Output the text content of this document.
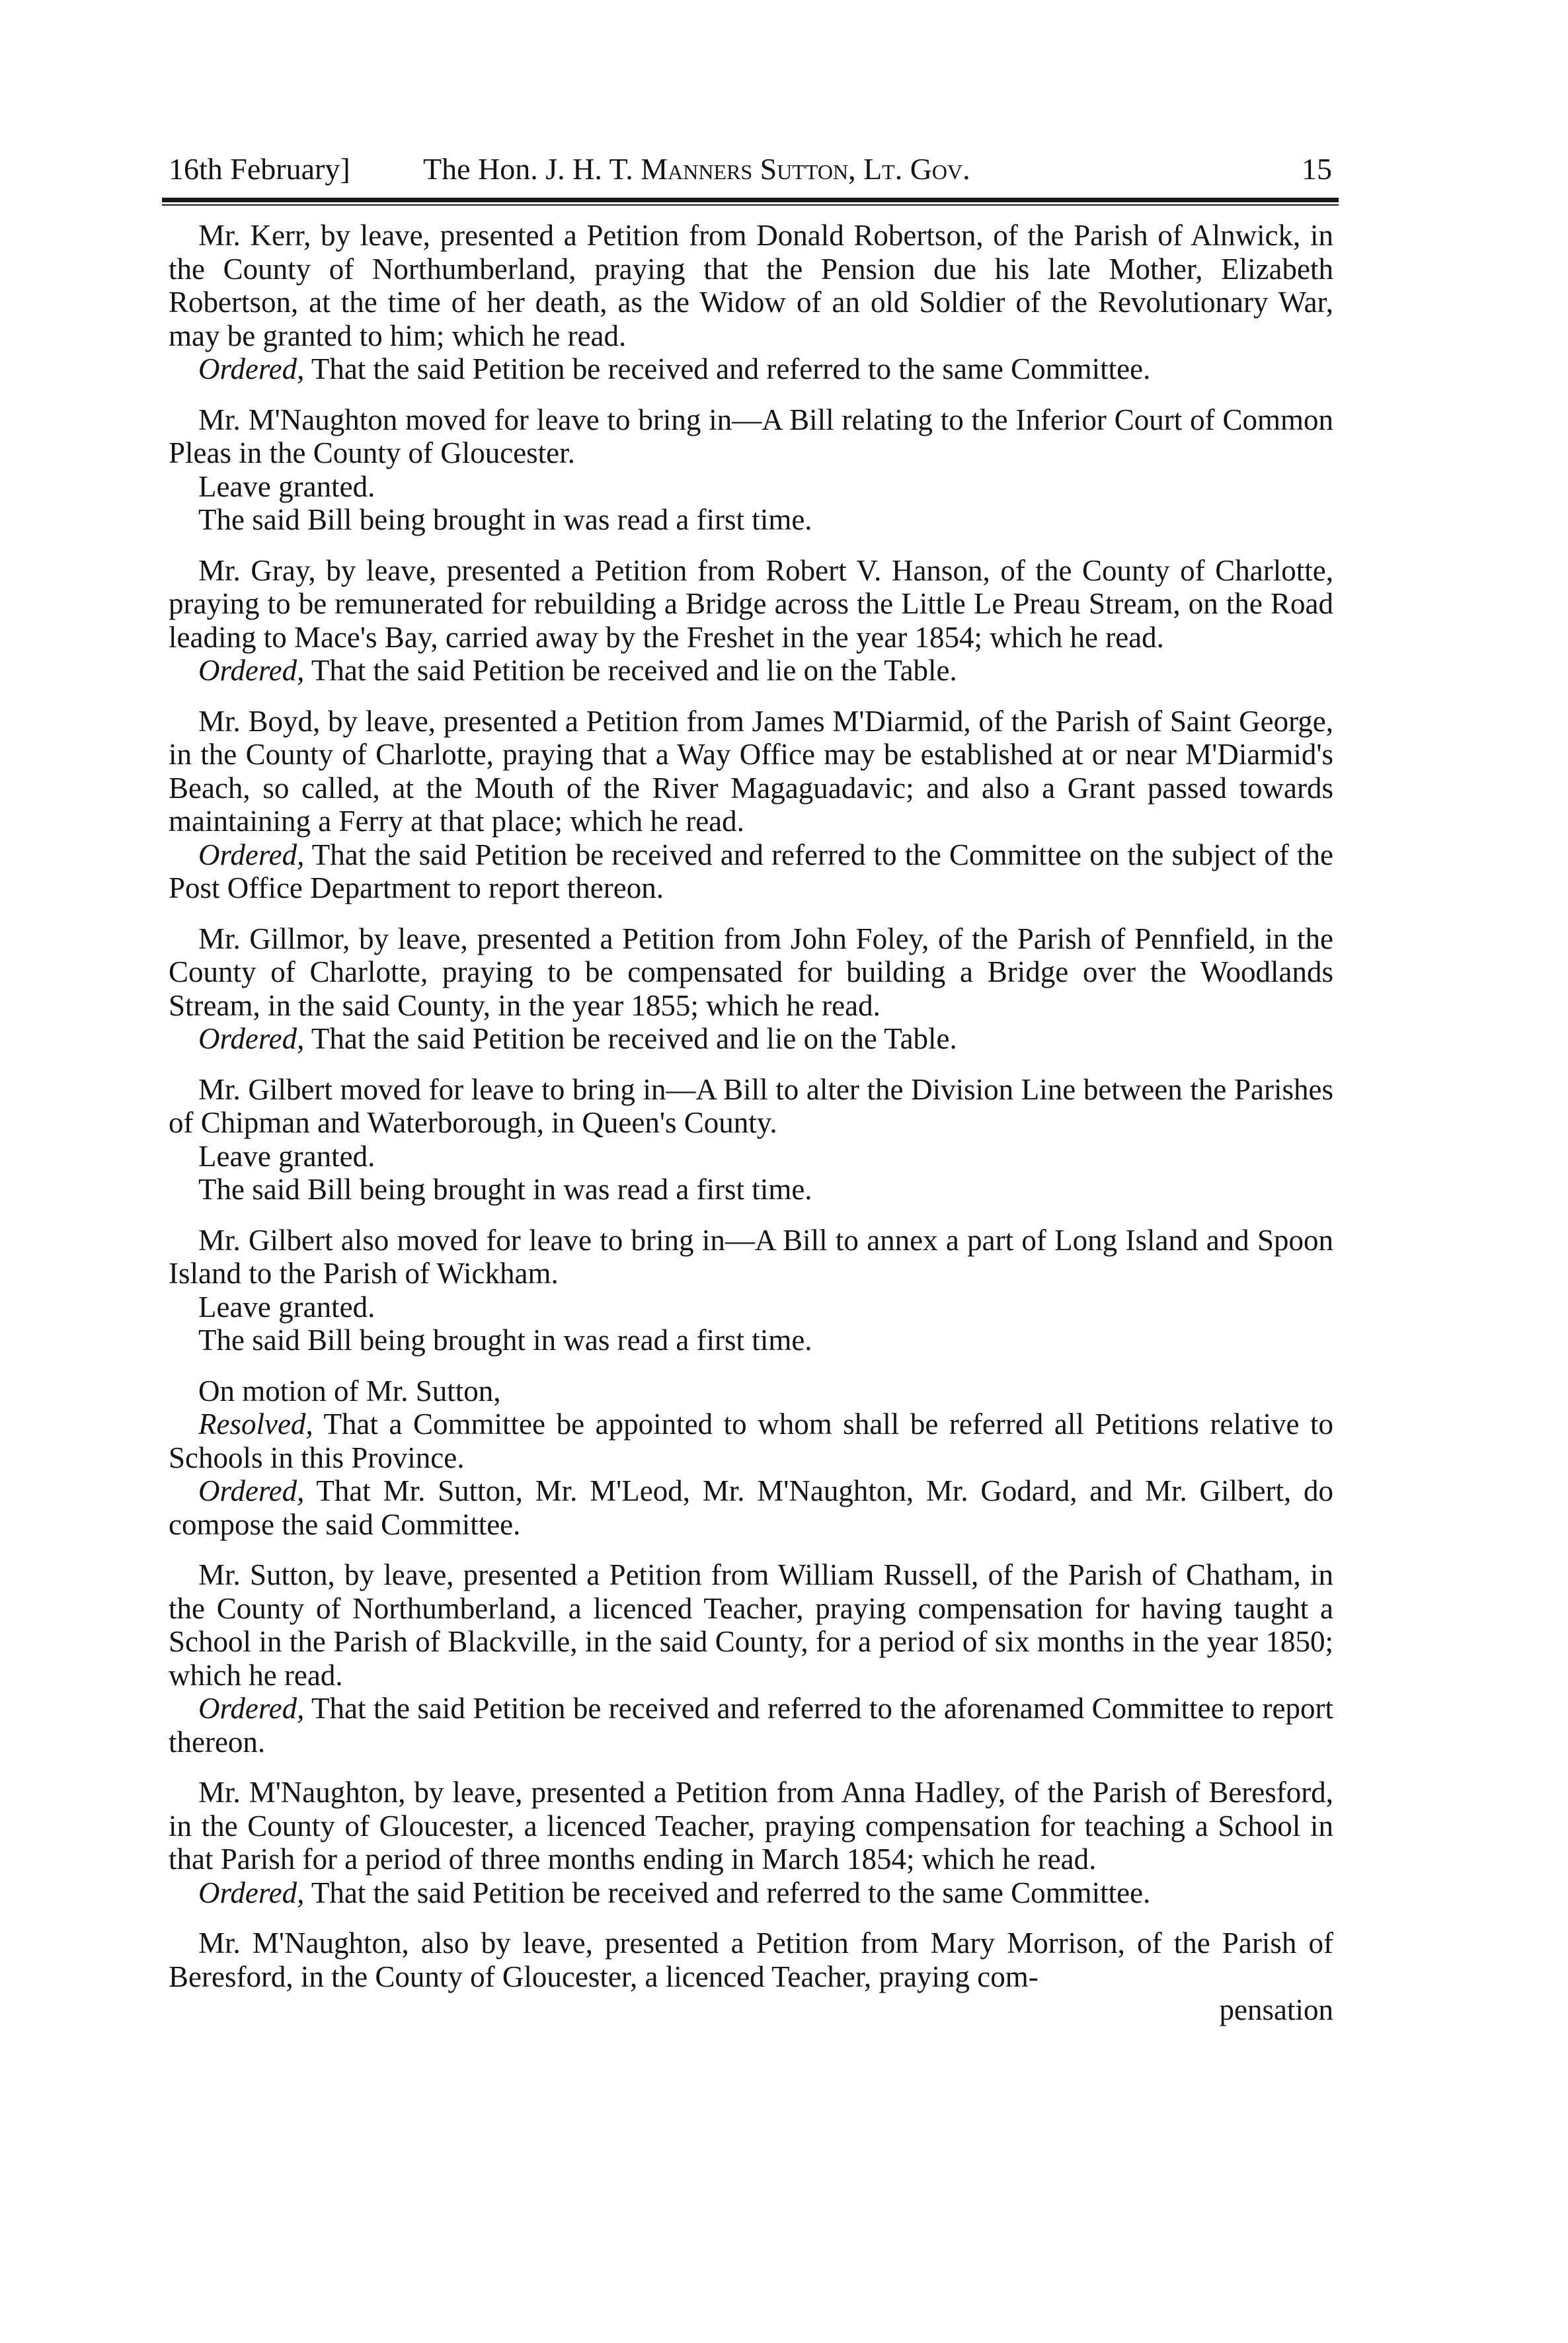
16th February] The Hon. J. H. T. Manners Sutton, Lt. Gov.	15

Mr. Kerr, by leave, presented a Petition from Donald Robertson, of the Parish of Alnwick, in the County of Northumberland, praying that the Pension due his late Mother, Elizabeth Robertson, at the time of her death, as the Widow of an old Soldier of the Revolutionary War, may be granted to him; which he read.

Ordered, That the said Petition be received and referred to the same Committee.

Mr. M'Naughton moved for leave to bring in—A Bill relating to the Inferior Court of Common Pleas in the County of Gloucester.

Leave granted.

The said Bill being brought in was read a first time.

Mr. Gray, by leave, presented a Petition from Robert V. Hanson, of the County of Charlotte, praying to be remunerated for rebuilding a Bridge across the Little Le Preau Stream, on the Road leading to Mace's Bay, carried away by the Freshet in the year 1854; which he read.

Ordered, That the said Petition be received and lie on the Table.

Mr. Boyd, by leave, presented a Petition from James M'Diarmid, of the Parish of Saint George, in the County of Charlotte, praying that a Way Office may be established at or near M'Diarmid's Beach, so called, at the Mouth of the River Magaguadavic; and also a Grant passed towards maintaining a Ferry at that place; which he read.

Ordered, That the said Petition be received and referred to the Committee on the subject of the Post Office Department to report thereon.

Mr. Gillmor, by leave, presented a Petition from John Foley, of the Parish of Pennfield, in the County of Charlotte, praying to be compensated for building a Bridge over the Woodlands Stream, in the said County, in the year 1855; which he read.

Ordered, That the said Petition be received and lie on the Table.

Mr. Gilbert moved for leave to bring in—A Bill to alter the Division Line between the Parishes of Chipman and Waterborough, in Queen's County.

Leave granted.

The said Bill being brought in was read a first time.

Mr. Gilbert also moved for leave to bring in—A Bill to annex a part of Long Island and Spoon Island to the Parish of Wickham.

Leave granted.

The said Bill being brought in was read a first time.

On motion of Mr. Sutton,

Resolved, That a Committee be appointed to whom shall be referred all Petitions relative to Schools in this Province.

Ordered, That Mr. Sutton, Mr. M'Leod, Mr. M'Naughton, Mr. Godard, and Mr. Gilbert, do compose the said Committee.

Mr. Sutton, by leave, presented a Petition from William Russell, of the Parish of Chatham, in the County of Northumberland, a licenced Teacher, praying compensation for having taught a School in the Parish of Blackville, in the said County, for a period of six months in the year 1850; which he read.

Ordered, That the said Petition be received and referred to the aforenamed Committee to report thereon.

Mr. M'Naughton, by leave, presented a Petition from Anna Hadley, of the Parish of Beresford, in the County of Gloucester, a licenced Teacher, praying compensation for teaching a School in that Parish for a period of three months ending in March 1854; which he read.

Ordered, That the said Petition be received and referred to the same Committee.

Mr. M'Naughton, also by leave, presented a Petition from Mary Morrison, of the Parish of Beresford, in the County of Gloucester, a licenced Teacher, praying com-

pensation
